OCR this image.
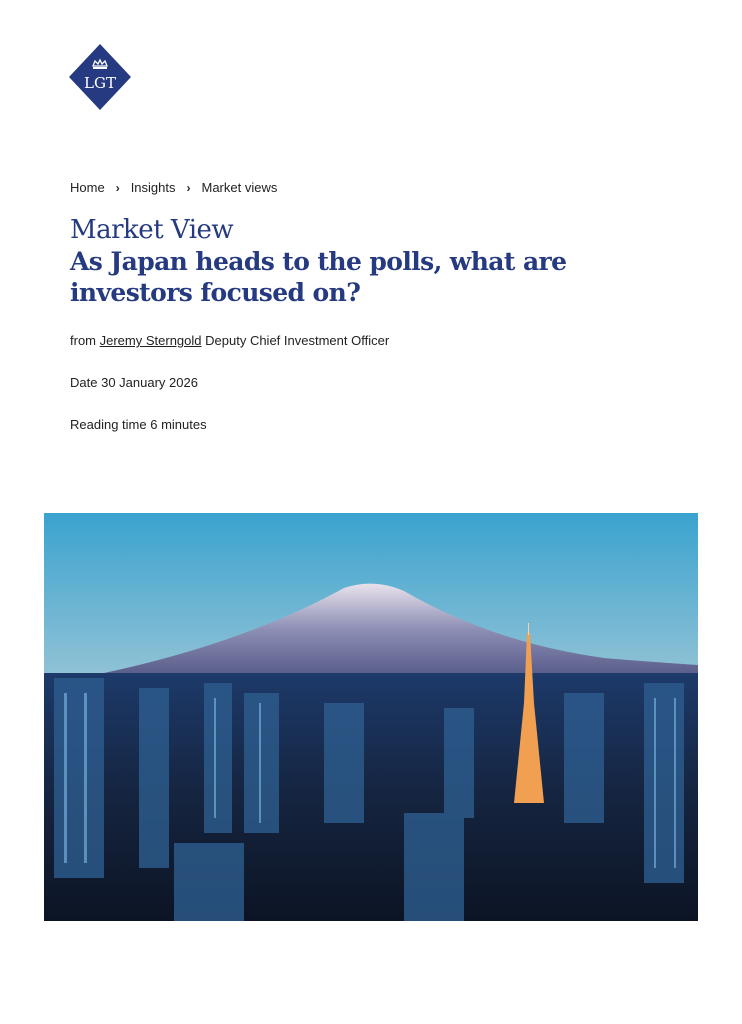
LGT
Home › Insights › Market views
Market View
As Japan heads to the polls, what are investors focused on?
from Jeremy Sterngold Deputy Chief Investment Officer
Date 30 January 2026
Reading time 6 minutes
